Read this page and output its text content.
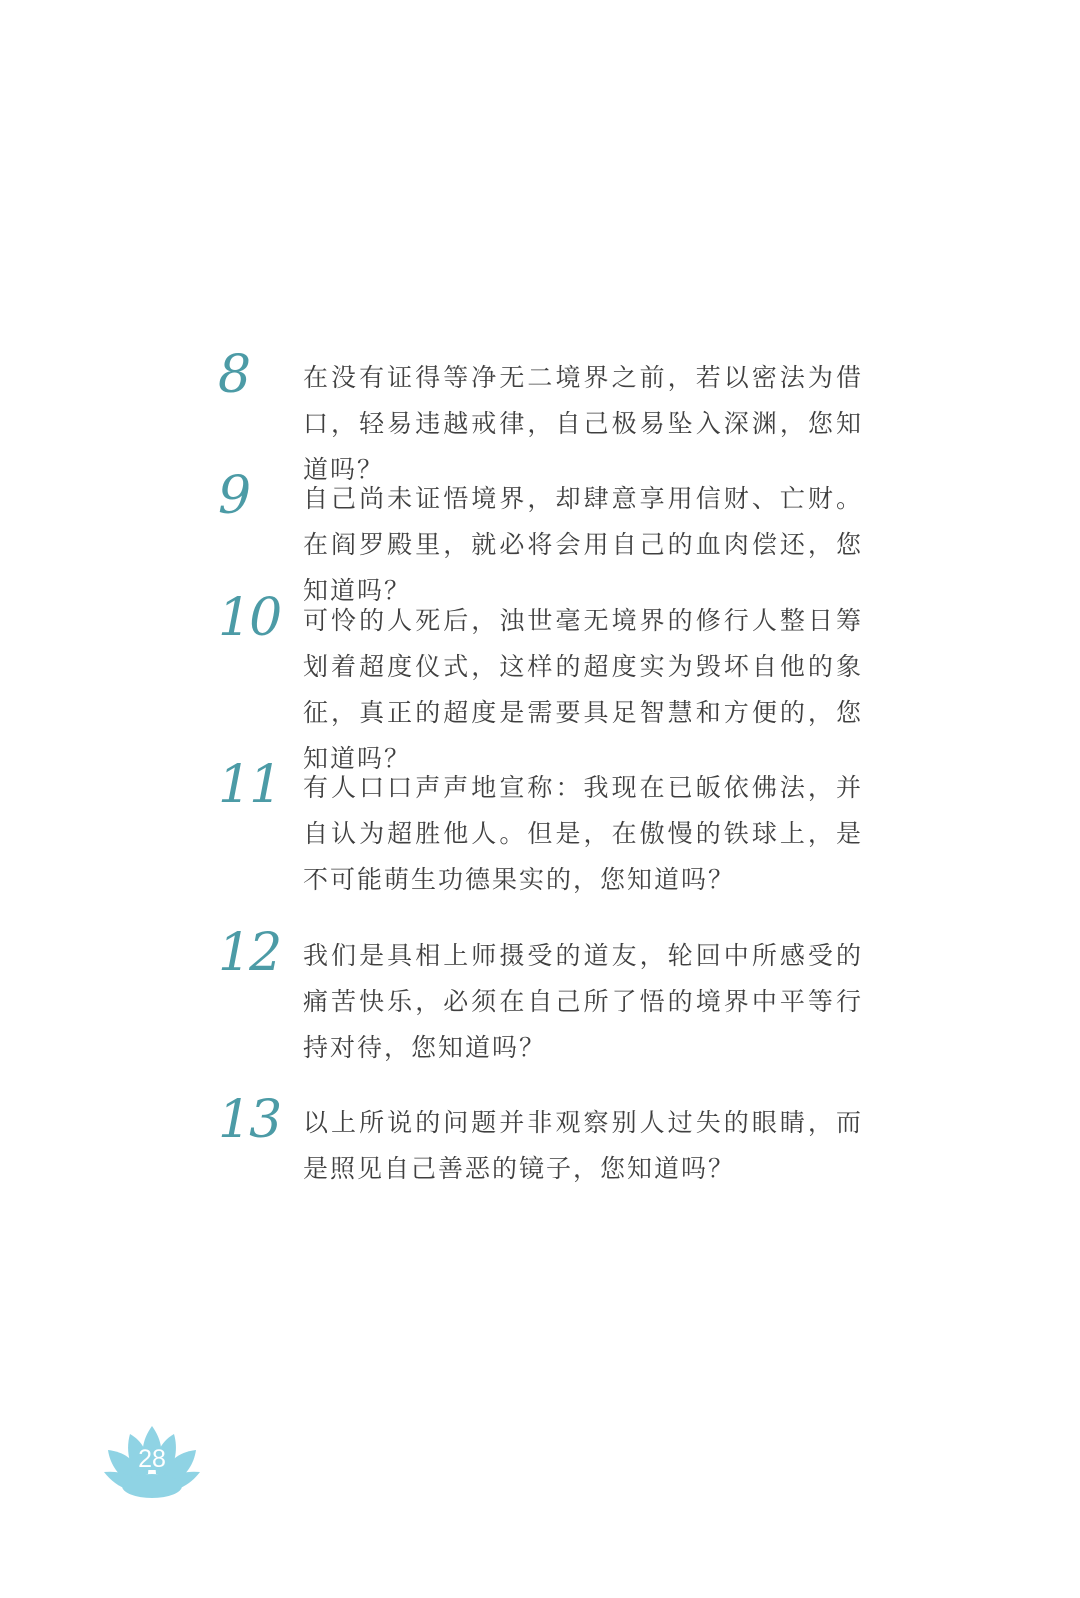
8 在没有证得等净无二境界之前，若以密法为借口，轻易违越戒律，自己极易坠入深渊，您知道吗？

9 自己尚未证悟境界，却肆意享用信财、亡财。在阎罗殿里，就必将会用自己的血肉偿还，您知道吗？

10 可怜的人死后，浊世毫无境界的修行人整日筹划着超度仪式，这样的超度实为毁坏自他的象征，真正的超度是需要具足智慧和方便的，您知道吗？

11 有人口口声声地宣称：我现在已皈依佛法，并自认为超胜他人。但是，在傲慢的铁球上，是不可能萌生功德果实的，您知道吗？

12 我们是具相上师摄受的道友，轮回中所感受的痛苦快乐，必须在自己所了悟的境界中平等行持对待，您知道吗？

13 以上所说的问题并非观察别人过失的眼睛，而是照见自己善恶的镜子，您知道吗？

28
